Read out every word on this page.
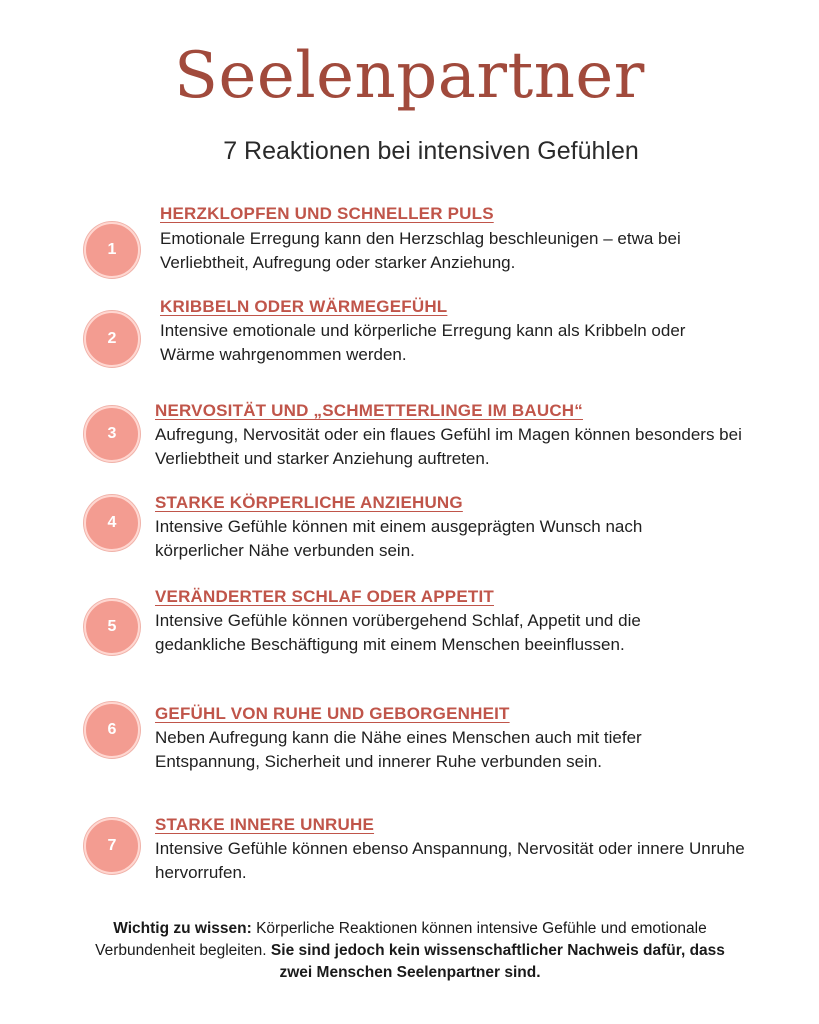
Seelenpartner
7 Reaktionen bei intensiven Gefühlen
1
HERZKLOPFEN UND SCHNELLER PULS
Emotionale Erregung kann den Herzschlag beschleunigen – etwa bei Verliebtheit, Aufregung oder starker Anziehung.
2
KRIBBELN ODER WÄRMEGEFÜHL
Intensive emotionale und körperliche Erregung kann als Kribbeln oder Wärme wahrgenommen werden.
3
NERVOSITÄT UND „SCHMETTERLINGE IM BAUCH“
Aufregung, Nervosität oder ein flaues Gefühl im Magen können besonders bei Verliebtheit und starker Anziehung auftreten.
4
STARKE KÖRPERLICHE ANZIEHUNG
Intensive Gefühle können mit einem ausgeprägten Wunsch nach körperlicher Nähe verbunden sein.
5
VERÄNDERTER SCHLAF ODER APPETIT
Intensive Gefühle können vorübergehend Schlaf, Appetit und die gedankliche Beschäftigung mit einem Menschen beeinflussen.
6
GEFÜHL VON RUHE UND GEBORGENHEIT
Neben Aufregung kann die Nähe eines Menschen auch mit tiefer Entspannung, Sicherheit und innerer Ruhe verbunden sein.
7
STARKE INNERE UNRUHE
Intensive Gefühle können ebenso Anspannung, Nervosität oder innere Unruhe hervorrufen.
Wichtig zu wissen: Körperliche Reaktionen können intensive Gefühle und emotionale Verbundenheit begleiten. Sie sind jedoch kein wissenschaftlicher Nachweis dafür, dass zwei Menschen Seelenpartner sind.
